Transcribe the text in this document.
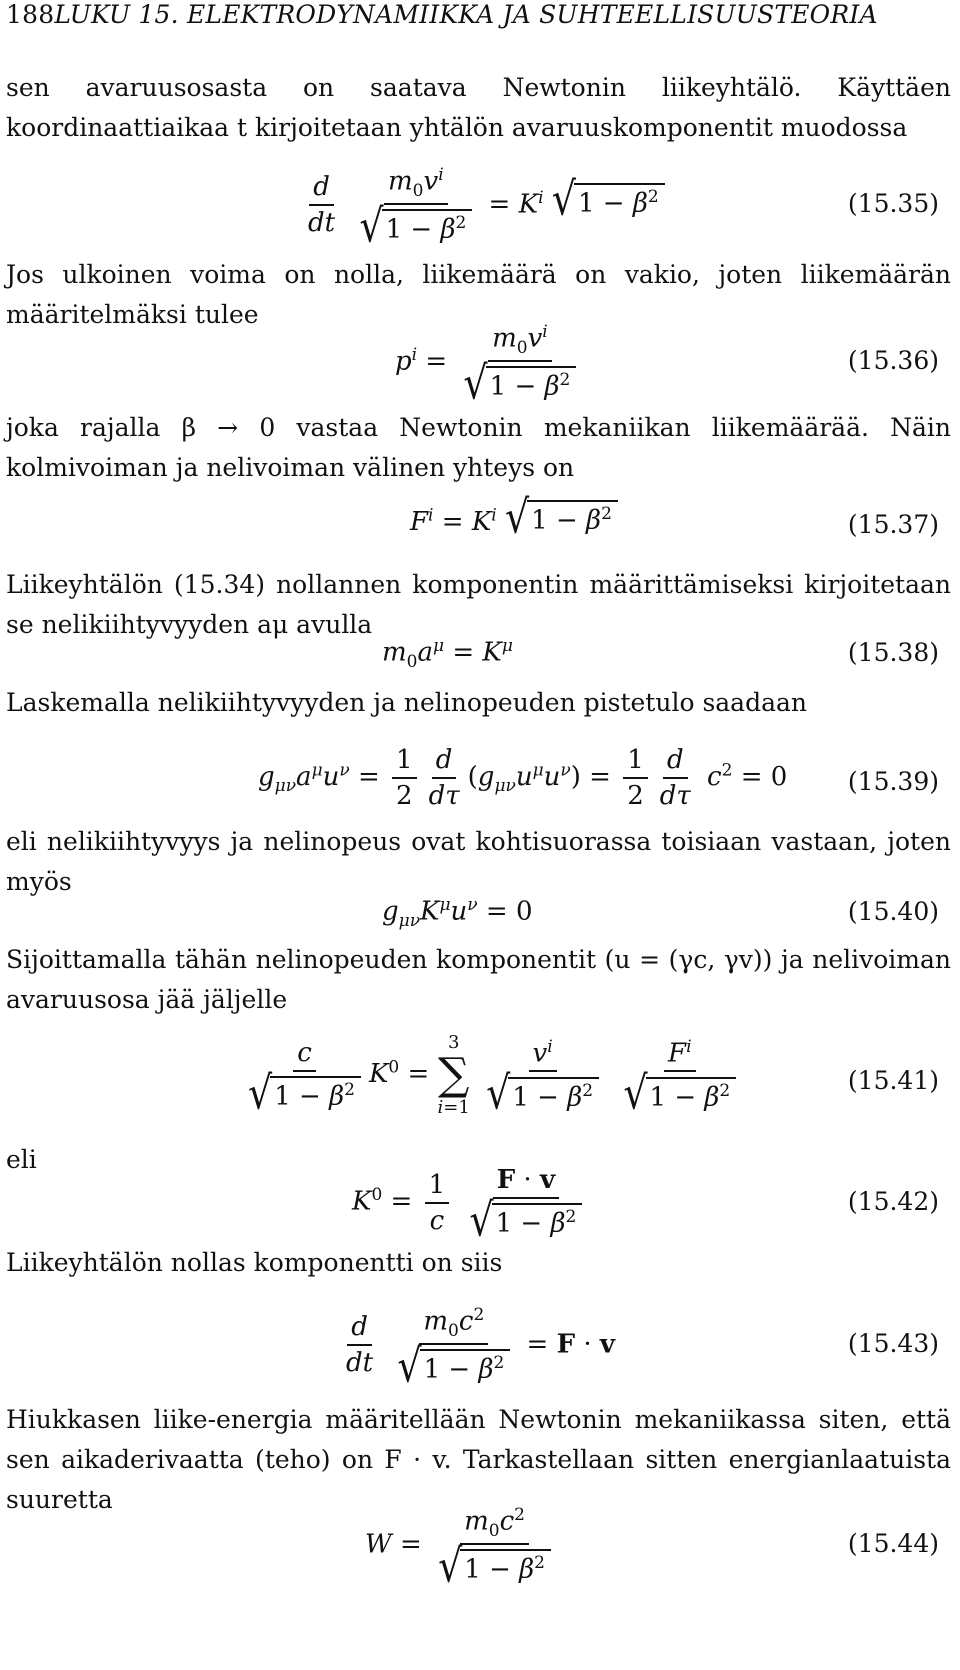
188LUKU 15. ELEKTRODYNAMIIKKA JA SUHTEELLISUUSTEORIA

sen avaruusosasta on saatava Newtonin liikeyhtälö. Käyttäen koordinaattiaikaa t kirjoitetaan yhtälön avaruuskomponentit muodossa

$\frac{d}{dt}$
$\frac{m_0v^i}{√ 1 - \beta^2} = K^i$ √ $1 - \beta^2$	(15.35)

Jos ulkoinen voima on nolla, liikemäärä on vakio, joten liikemäärän määritelmäksi tulee

$p^i = \frac{m_0v^i}{√ 1 - \beta^2}$	(15.36)

joka rajalla β → 0 vastaa Newtonin mekaniikan liikemäärää. Näin kolmivoiman ja nelivoiman välinen yhteys on

$F^i = K^i$ √ $1 - \beta^2$	(15.37)

Liikeyhtälön (15.34) nollannen komponentin määrittämiseksi kirjoitetaan se nelikiihtyvyyden aμ avulla

$m_0a^\mu = K^\mu$	(15.38)

Laskemalla nelikiihtyvyyden ja nelinopeuden pistetulo saadaan

$g_{\mu\nu}a^\mu u^\nu = \frac{1}{2} \frac{d}{d\tau} (g_{\mu\nu}u^\mu u^\nu) = \frac{1}{2} \frac{d}{d\tau} c^2 = 0$ (15.39)

eli nelikiihtyvyys ja nelinopeus ovat kohtisuorassa toisiaan vastaan, joten myös

$g_{\mu\nu}K^\mu u^\nu = 0$	(15.40)

Sijoittamalla tähän nelinopeuden komponentit (u = (γc, γv)) ja nelivoiman avaruusosa jää jäljelle

$\frac{c}{√ 1 - \beta^2} K^0$ =
3
∑
i=1
$\frac{v^i}{√ 1 - \beta^2}$
$\frac{F^i}{√ 1 - \beta^2}$	(15.41)

eli

$K^0 = \frac{1}{c}$
$\frac{F \cdot v}{√ 1 - \beta^2}$	(15.42)

Liikeyhtälön nollas komponentti on siis

$\frac{d}{dt}$
$\frac{m_0c^2}{√ 1 - \beta^2} = F \cdot v$	(15.43)

Hiukkasen liike-energia määritellään Newtonin mekaniikassa siten, että sen aikaderivaatta (teho) on F · v. Tarkastellaan sitten energianlaatuista suuretta

$W = \frac{m_0c^2}{√ 1 - \beta^2}$	(15.44)
